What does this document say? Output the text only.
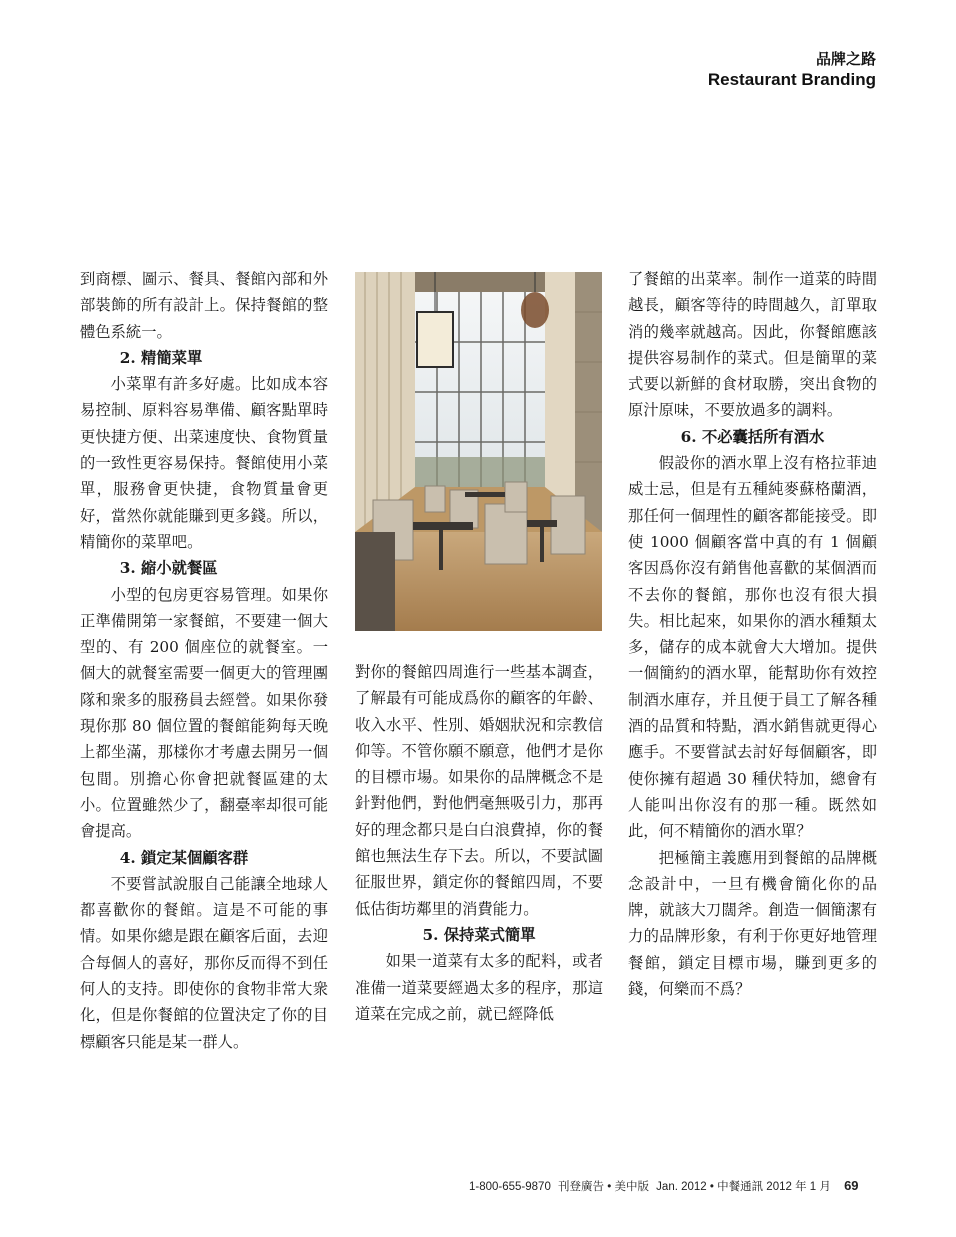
品牌之路
Restaurant Branding

到商標、圖示、餐具、餐館內部和外部裝飾的所有設計上。保持餐館的整體色系統一。

2. 精簡菜單

小菜單有許多好處。比如成本容易控制、原料容易準備、顧客點單時更快捷方便、出菜速度快、食物質量的一致性更容易保持。餐館使用小菜單，服務會更快捷，食物質量會更好，當然你就能賺到更多錢。所以，精簡你的菜單吧。

3. 縮小就餐區

小型的包房更容易管理。如果你正準備開第一家餐館，不要建一個大型的、有 200 個座位的就餐室。一個大的就餐室需要一個更大的管理團隊和衆多的服務員去經營。如果你發現你那 80 個位置的餐館能夠每天晚上都坐滿，那樣你才考慮去開另一個包間。別擔心你會把就餐區建的太小。位置雖然少了，翻臺率却很可能會提高。

4. 鎖定某個顧客群

不要嘗試說服自己能讓全地球人都喜歡你的餐館。這是不可能的事情。如果你總是跟在顧客后面，去迎合每個人的喜好，那你反而得不到任何人的支持。即使你的食物非常大衆化，但是你餐館的位置決定了你的目標顧客只能是某一群人。

對你的餐館四周進行一些基本調查，了解最有可能成爲你的顧客的年齡、收入水平、性別、婚姻狀況和宗教信仰等。不管你願不願意，他們才是你的目標市場。如果你的品牌概念不是針對他們，對他們毫無吸引力，那再好的理念都只是白白浪費掉，你的餐館也無法生存下去。所以，不要試圖征服世界，鎖定你的餐館四周，不要低估街坊鄰里的消費能力。

5. 保持菜式簡單

如果一道菜有太多的配料，或者准備一道菜要經過太多的程序，那這道菜在完成之前，就已經降低

了餐館的出菜率。制作一道菜的時間越長，顧客等待的時間越久，訂單取消的幾率就越高。因此，你餐館應該提供容易制作的菜式。但是簡單的菜式要以新鮮的食材取勝，突出食物的原汁原味，不要放過多的調料。

6. 不必囊括所有酒水

假設你的酒水單上沒有格拉菲迪威士忌，但是有五種純麥蘇格蘭酒，那任何一個理性的顧客都能接受。即使 1000 個顧客當中真的有 1 個顧客因爲你沒有銷售他喜歡的某個酒而不去你的餐館，那你也沒有很大損失。相比起來，如果你的酒水種類太多，儲存的成本就會大大增加。提供一個簡約的酒水單，能幫助你有效控制酒水庫存，并且便于員工了解各種酒的品質和特點，酒水銷售就更得心應手。不要嘗試去討好每個顧客，即使你擁有超過 30 種伏特加，總會有人能叫出你沒有的那一種。既然如此，何不精簡你的酒水單？

把極簡主義應用到餐館的品牌概念設計中，一旦有機會簡化你的品牌，就該大刀闊斧。創造一個簡潔有力的品牌形象，有利于你更好地管理餐館，鎖定目標市場，賺到更多的錢，何樂而不爲？

1-800-655-9870 刊登廣告 • 美中版 Jan. 2012 • 中餐通訊 2012 年 1 月 69
